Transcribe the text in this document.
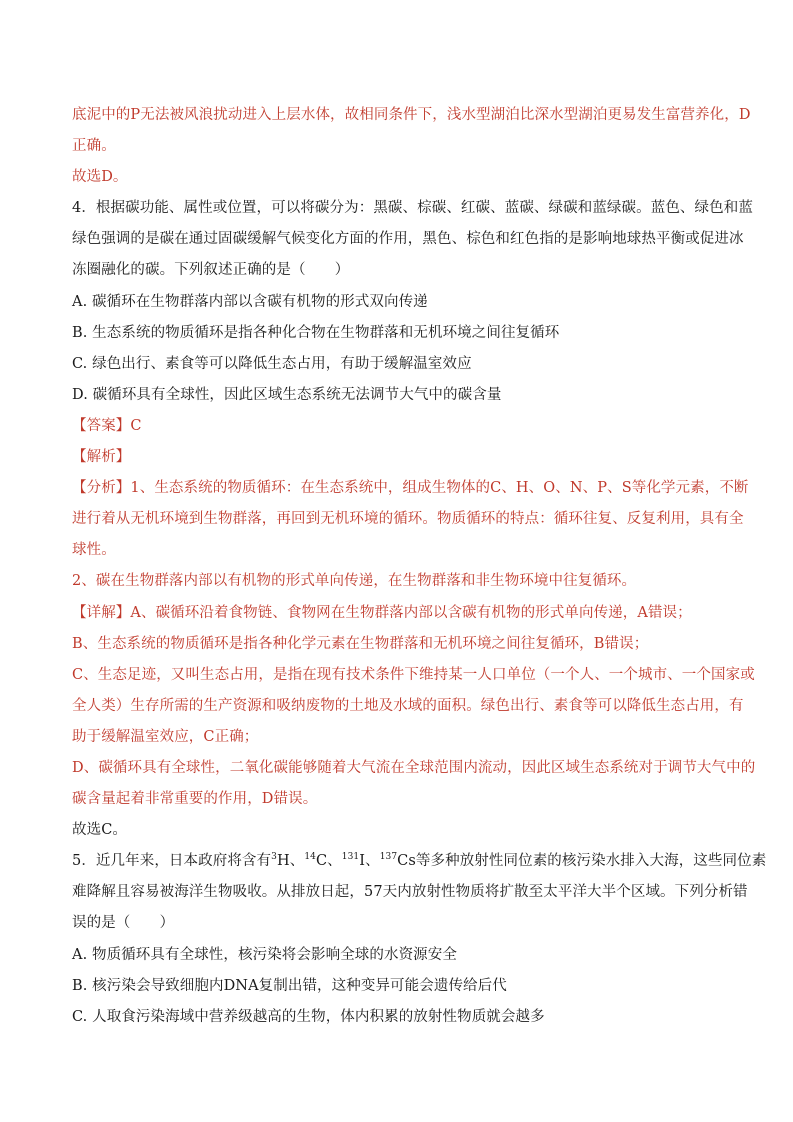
底泥中的P无法被风浪扰动进入上层水体，故相同条件下，浅水型湖泊比深水型湖泊更易发生富营养化，D
正确。
故选D。
4．根据碳功能、属性或位置，可以将碳分为：黑碳、棕碳、红碳、蓝碳、绿碳和蓝绿碳。蓝色、绿色和蓝
绿色强调的是碳在通过固碳缓解气候变化方面的作用，黑色、棕色和红色指的是影响地球热平衡或促进冰
冻圈融化的碳。下列叙述正确的是（　　）
A. 碳循环在生物群落内部以含碳有机物的形式双向传递
B. 生态系统的物质循环是指各种化合物在生物群落和无机环境之间往复循环
C. 绿色出行、素食等可以降低生态占用，有助于缓解温室效应
D. 碳循环具有全球性，因此区域生态系统无法调节大气中的碳含量
【答案】C
【解析】
【分析】1、生态系统的物质循环：在生态系统中，组成生物体的C、H、O、N、P、S等化学元素，不断
进行着从无机环境到生物群落，再回到无机环境的循环。物质循环的特点：循环往复、反复利用，具有全
球性。
2、碳在生物群落内部以有机物的形式单向传递，在生物群落和非生物环境中往复循环。
【详解】A、碳循环沿着食物链、食物网在生物群落内部以含碳有机物的形式单向传递，A错误；
B、生态系统的物质循环是指各种化学元素在生物群落和无机环境之间往复循环，B错误；
C、生态足迹，又叫生态占用，是指在现有技术条件下维持某一人口单位（一个人、一个城市、一个国家或
全人类）生存所需的生产资源和吸纳废物的土地及水域的面积。绿色出行、素食等可以降低生态占用，有
助于缓解温室效应，C正确；
D、碳循环具有全球性，二氧化碳能够随着大气流在全球范围内流动，因此区域生态系统对于调节大气中的
碳含量起着非常重要的作用，D错误。
故选C。
5．近几年来，日本政府将含有$^3$H、$^{14}$C、$^{131}$I、$^{137}$Cs等多种放射性同位素的核污染水排入大海，这些同位素
难降解且容易被海洋生物吸收。从排放日起，57天内放射性物质将扩散至太平洋大半个区域。下列分析错
误的是（　　）
A. 物质循环具有全球性，核污染将会影响全球的水资源安全
B. 核污染会导致细胞内DNA复制出错，这种变异可能会遗传给后代
C. 人取食污染海域中营养级越高的生物，体内积累的放射性物质就会越多
